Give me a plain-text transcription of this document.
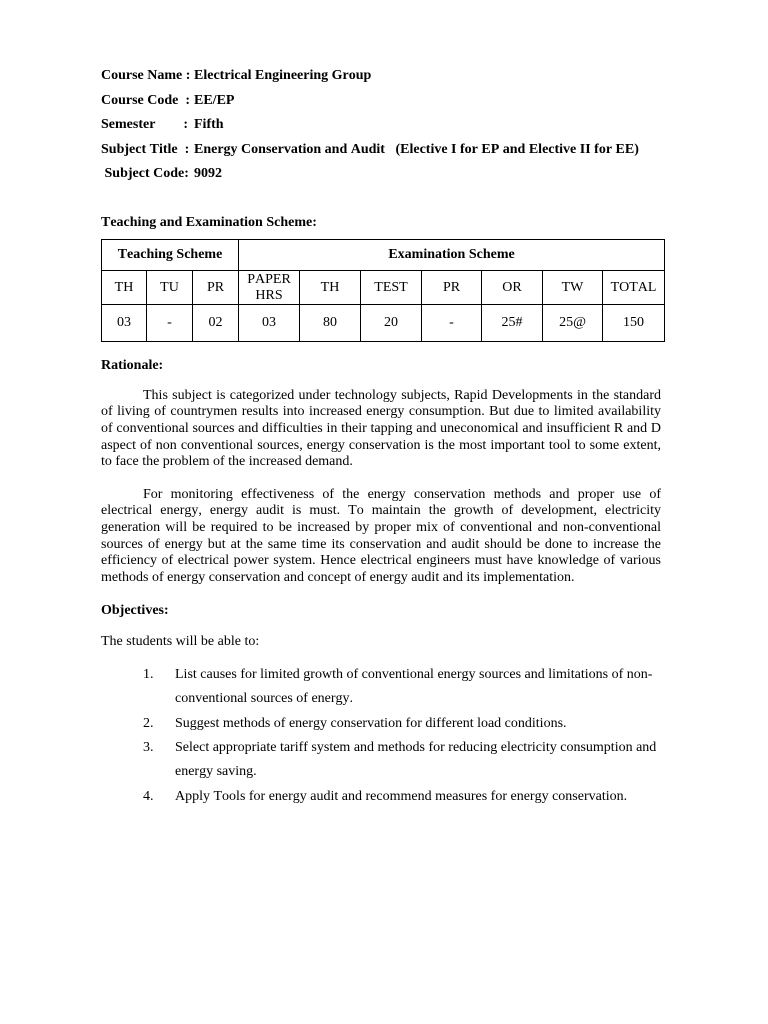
Course Name : Electrical Engineering Group
Course Code  : EE/EP
Semester        : Fifth
Subject Title  : Energy Conservation and Audit   (Elective I for EP and Elective II for EE)
Subject Code: 9092
Teaching and Examination Scheme:
Teaching Scheme			Examination Scheme						
TH	TU	PR	PAPER HRS	TH	TEST	PR	OR	TW	TOTAL
03	-	02	03	80	20	-	25#	25@	150
Rationale:

This subject is categorized under technology subjects, Rapid Developments in the standard of living of countrymen results into increased energy consumption. But due to limited availability of conventional sources and difficulties in their tapping and uneconomical and insufficient R and D aspect of non conventional sources, energy conservation is the most important tool to some extent, to face the problem of the increased demand.

For monitoring effectiveness of the energy conservation methods and proper use of electrical energy, energy audit is must. To maintain the growth of development, electricity generation will be required to be increased by proper mix of conventional and non-conventional sources of energy but at the same time its conservation and audit should be done to increase the efficiency of electrical power system. Hence electrical engineers must have knowledge of various methods of energy conservation and concept of energy audit and its implementation.

Objectives:
The students will be able to:
1.	List causes for limited growth of conventional energy sources and limitations of non-conventional sources of energy.
2.	Suggest methods of energy conservation for different load conditions.
3.	Select appropriate tariff system and methods for reducing electricity consumption and energy saving.
4.	Apply Tools for energy audit and recommend measures for energy conservation.
